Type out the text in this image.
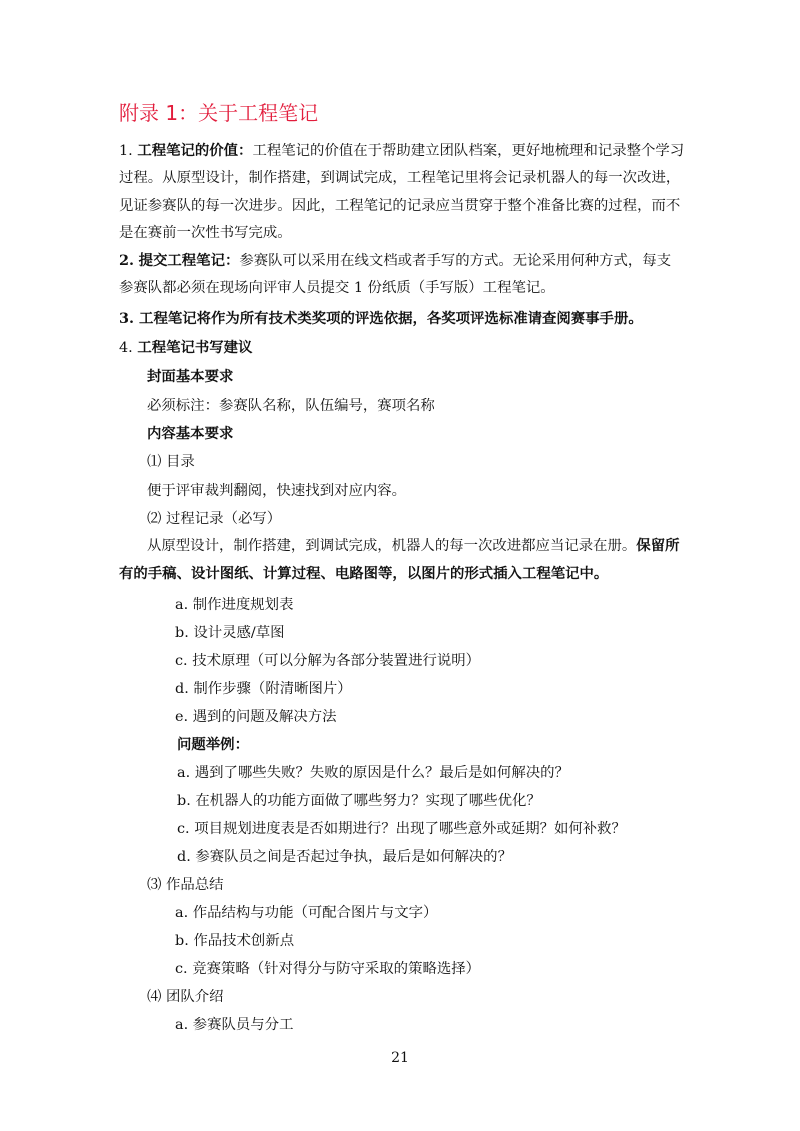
附录 1：关于工程笔记

1. 工程笔记的价值：工程笔记的价值在于帮助建立团队档案，更好地梳理和记录整个学习过程。从原型设计，制作搭建，到调试完成，工程笔记里将会记录机器人的每一次改进，见证参赛队的每一次进步。因此，工程笔记的记录应当贯穿于整个准备比赛的过程，而不是在赛前一次性书写完成。

2. 提交工程笔记：参赛队可以采用在线文档或者手写的方式。无论采用何种方式，每支参赛队都必须在现场向评审人员提交 1 份纸质（手写版）工程笔记。

3. 工程笔记将作为所有技术类奖项的评选依据，各奖项评选标准请查阅赛事手册。
4. 工程笔记书写建议
封面基本要求
必须标注：参赛队名称，队伍编号，赛项名称
内容基本要求
⑴ 目录
便于评审裁判翻阅，快速找到对应内容。
⑵ 过程记录（必写）

从原型设计，制作搭建，到调试完成，机器人的每一次改进都应当记录在册。保留所有的手稿、设计图纸、计算过程、电路图等，以图片的形式插入工程笔记中。

a. 制作进度规划表
b. 设计灵感/草图
c. 技术原理（可以分解为各部分装置进行说明）
d. 制作步骤（附清晰图片）
e. 遇到的问题及解决方法
问题举例：
a. 遇到了哪些失败？失败的原因是什么？最后是如何解决的？
b. 在机器人的功能方面做了哪些努力？实现了哪些优化？
c. 项目规划进度表是否如期进行？出现了哪些意外或延期？如何补救？
d. 参赛队员之间是否起过争执，最后是如何解决的？
⑶ 作品总结
a. 作品结构与功能（可配合图片与文字）
b. 作品技术创新点
c. 竞赛策略（针对得分与防守采取的策略选择）
⑷ 团队介绍
a. 参赛队员与分工
21
